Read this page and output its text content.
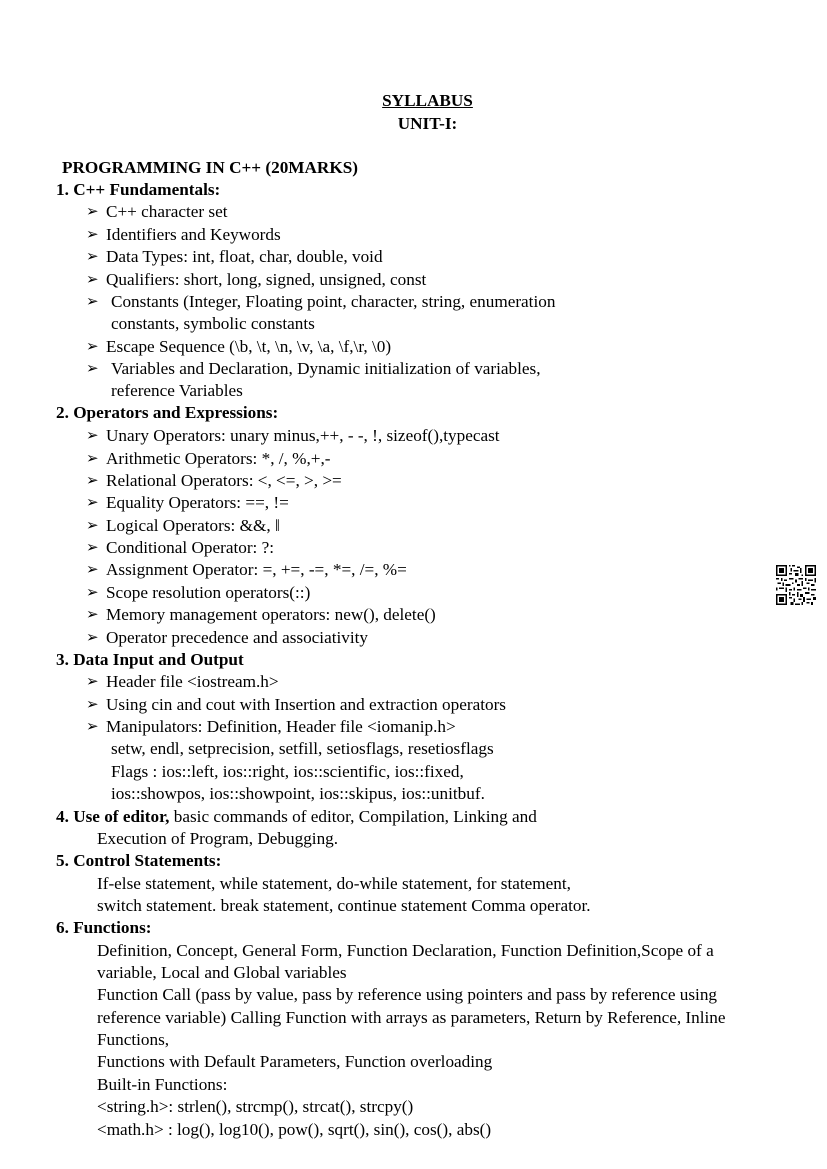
SYLLABUS
UNIT-I:
PROGRAMMING IN C++ (20MARKS)
1. C++ Fundamentals:
➢ C++ character set
➢ Identifiers and Keywords
➢ Data Types: int, float, char, double, void
➢ Qualifiers: short, long, signed, unsigned, const
➢ Constants (Integer, Floating point, character, string, enumeration
constants, symbolic constants
➢ Escape Sequence (\b, \t, \n, \v, \a, \f,\r, \0)
➢ Variables and Declaration, Dynamic initialization of variables,
reference Variables
2. Operators and Expressions:
➢ Unary Operators: unary minus,++, - -, !, sizeof(),typecast
➢ Arithmetic Operators: *, /, %,+,-
➢ Relational Operators: <, <=, >, >=
➢ Equality Operators: ==, !=
➢ Logical Operators: &&, ǁ
➢ Conditional Operator: ?:
➢ Assignment Operator: =, +=, -=, *=, /=, %=
➢ Scope resolution operators(::)
➢ Memory management operators: new(), delete()
➢ Operator precedence and associativity
3. Data Input and Output
➢ Header file <iostream.h>
➢ Using cin and cout with Insertion and extraction operators
➢ Manipulators: Definition, Header file <iomanip.h>
setw, endl, setprecision, setfill, setiosflags, resetiosflags
Flags : ios::left, ios::right, ios::scientific, ios::fixed,
ios::showpos, ios::showpoint, ios::skipus, ios::unitbuf.
4. Use of editor, basic commands of editor, Compilation, Linking and
Execution of Program, Debugging.
5. Control Statements:
If-else statement, while statement, do-while statement, for statement,
switch statement. break statement, continue statement Comma operator.
6. Functions:
Definition, Concept, General Form, Function Declaration, Function Definition,Scope of a
variable, Local and Global variables
Function Call (pass by value, pass by reference using pointers and pass by reference using
reference variable) Calling Function with arrays as parameters, Return by Reference, Inline
Functions,
Functions with Default Parameters, Function overloading
Built-in Functions:
<string.h>: strlen(), strcmp(), strcat(), strcpy()
<math.h> : log(), log10(), pow(), sqrt(), sin(), cos(), abs()
